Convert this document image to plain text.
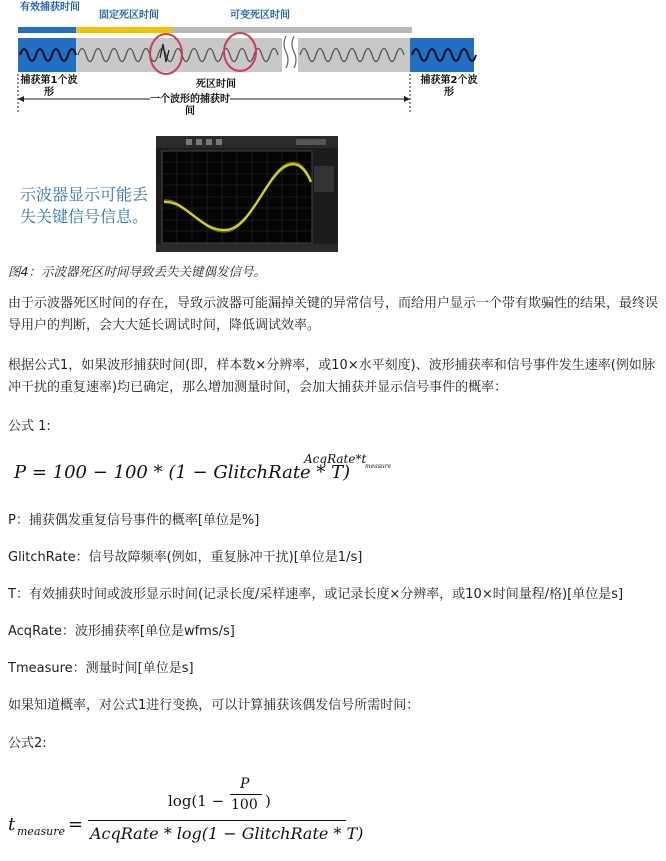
有效捕获时间
固定死区时间	可变死区时间
捕获第1个波形
死区时间	捕获第2个波形
一个波形的捕获时间
示波器显示可能丢失关键信号信息。
图4：示波器死区时间导致丢失关键偶发信号。

由于示波器死区时间的存在，导致示波器可能漏掉关键的异常信号，而给用户显示一个带有欺骗性的结果，最终误导用户的判断，会大大延长调试时间，降低调试效率。

根据公式1，如果波形捕获时间(即，样本数×分辨率，或10×水平刻度)、波形捕获率和信号事件发生速率(例如脉冲干扰的重复速率)均已确定，那么增加测量时间，会加大捕获并显示信号事件的概率：

公式 1:

P = 100 − 100 * (1 − GlitchRate * T)
AcqRate*t
measure

P：捕获偶发重复信号事件的概率[单位是%]

GlitchRate：信号故障频率(例如，重复脉冲干扰)[单位是1/s]

T：有效捕获时间或波形显示时间(记录长度/采样速率，或记录长度×分辨率，或10×时间量程/格)[单位是s]

AcqRate：波形捕获率[单位是wfms/s]

Tmeasure：测量时间[单位是s]

如果知道概率，对公式1进行变换，可以计算捕获该偶发信号所需时间：

公式2:

t measure =
log(1 −
P
100 )
AcqRate * log(1 − GlitchRate * T)
